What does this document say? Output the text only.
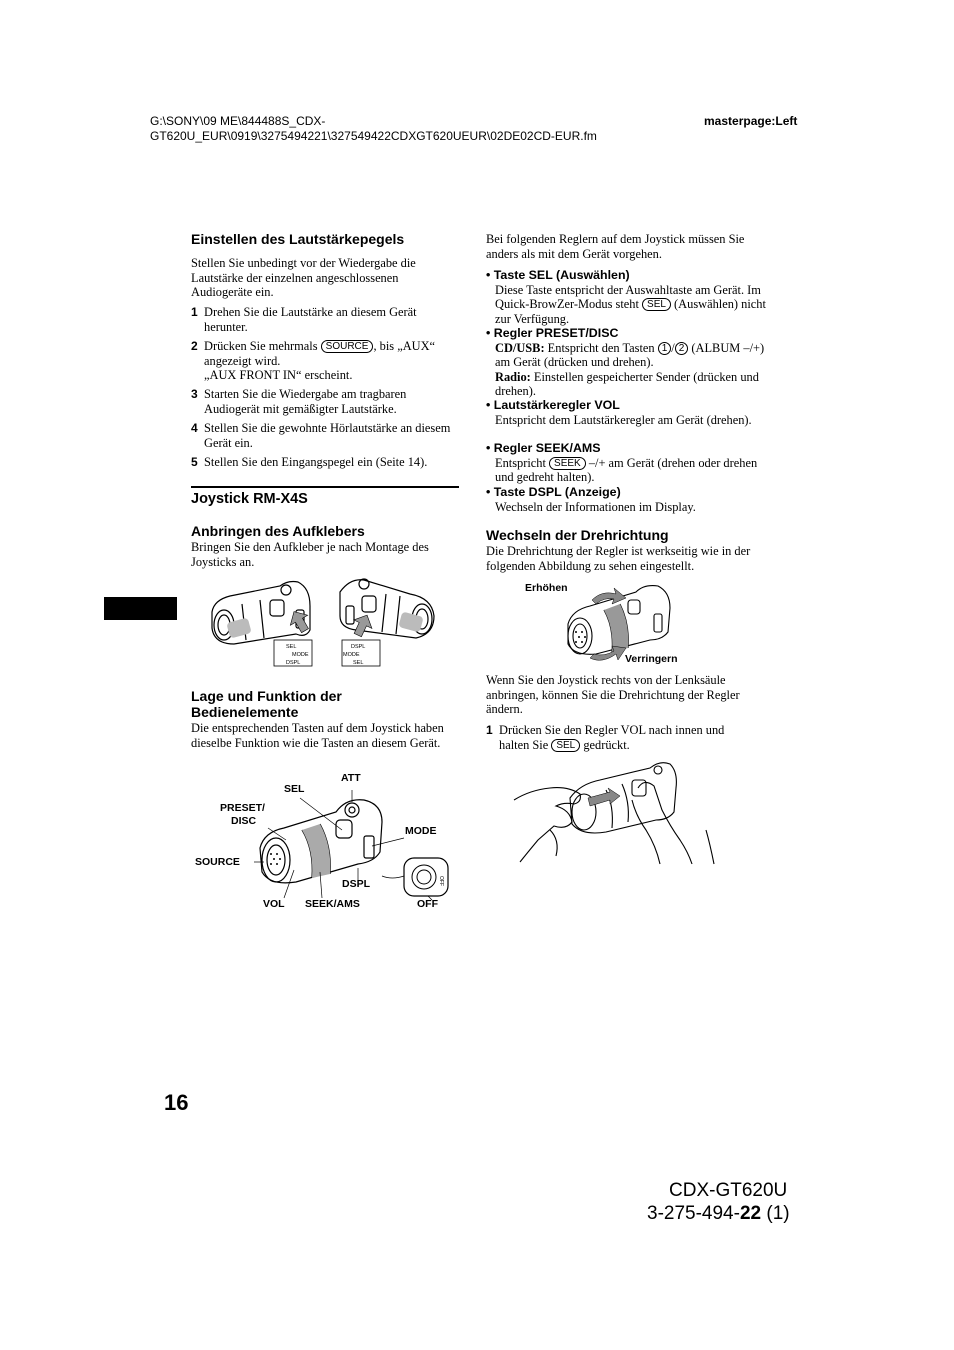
G:\SONY\09 ME\844488S_CDX-
GT620U_EUR\0919\3275494221\327549422CDXGT620UEUR\02DE02CD-EUR.fm
masterpage:Left
Einstellen des Lautstärkepegels
Stellen Sie unbedingt vor der Wiedergabe die Lautstärke der einzelnen angeschlossenen Audiogeräte ein.
1 Drehen Sie die Lautstärke an diesem Gerät herunter.
2 Drücken Sie mehrmals SOURCE , bis „AUX“ angezeigt wird.
„AUX FRONT IN“ erscheint.
3 Starten Sie die Wiedergabe am tragbaren Audiogerät mit gemäßigter Lautstärke.
4 Stellen Sie die gewohnte Hörlautstärke an diesem Gerät ein.
5 Stellen Sie den Eingangspegel ein (Seite 14).
Joystick RM-X4S
Anbringen des Aufklebers
Bringen Sie den Aufkleber je nach Montage des Joysticks an.
SEL
MODE
DSPL
DSPL
MODE
SEL
Lage und Funktion der
Bedienelemente
Die entsprechenden Tasten auf dem Joystick haben dieselbe Funktion wie die Tasten an diesem Gerät.
OFF
ATT
SEL
PRESET/
DISC
MODE
SOURCE
DSPL
VOL SEEK/AMS	OFF
Bei folgenden Reglern auf dem Joystick müssen Sie anders als mit dem Gerät vorgehen.
• Taste SEL (Auswählen)
Diese Taste entspricht der Auswahltaste am Gerät. Im Quick-BrowZer-Modus steht SEL (Auswählen) nicht zur Verfügung.
• Regler PRESET/DISC
CD/USB: Entspricht den Tasten 1 / 2 (ALBUM –/+) am Gerät (drücken und drehen).
Radio: Einstellen gespeicherter Sender (drücken und drehen).
• Lautstärkeregler VOL
Entspricht dem Lautstärkeregler am Gerät (drehen).
• Regler SEEK/AMS
Entspricht SEEK –/+ am Gerät (drehen oder drehen und gedreht halten).
• Taste DSPL (Anzeige)
Wechseln der Informationen im Display.
Wechseln der Drehrichtung
Die Drehrichtung der Regler ist werkseitig wie in der folgenden Abbildung zu sehen eingestellt.
Erhöhen
Verringern
Wenn Sie den Joystick rechts von der Lenksäule anbringen, können Sie die Drehrichtung der Regler ändern.
1 Drücken Sie den Regler VOL nach innen und halten Sie SEL gedrückt.
16
CDX-GT620U
3-275-494-22 (1)
